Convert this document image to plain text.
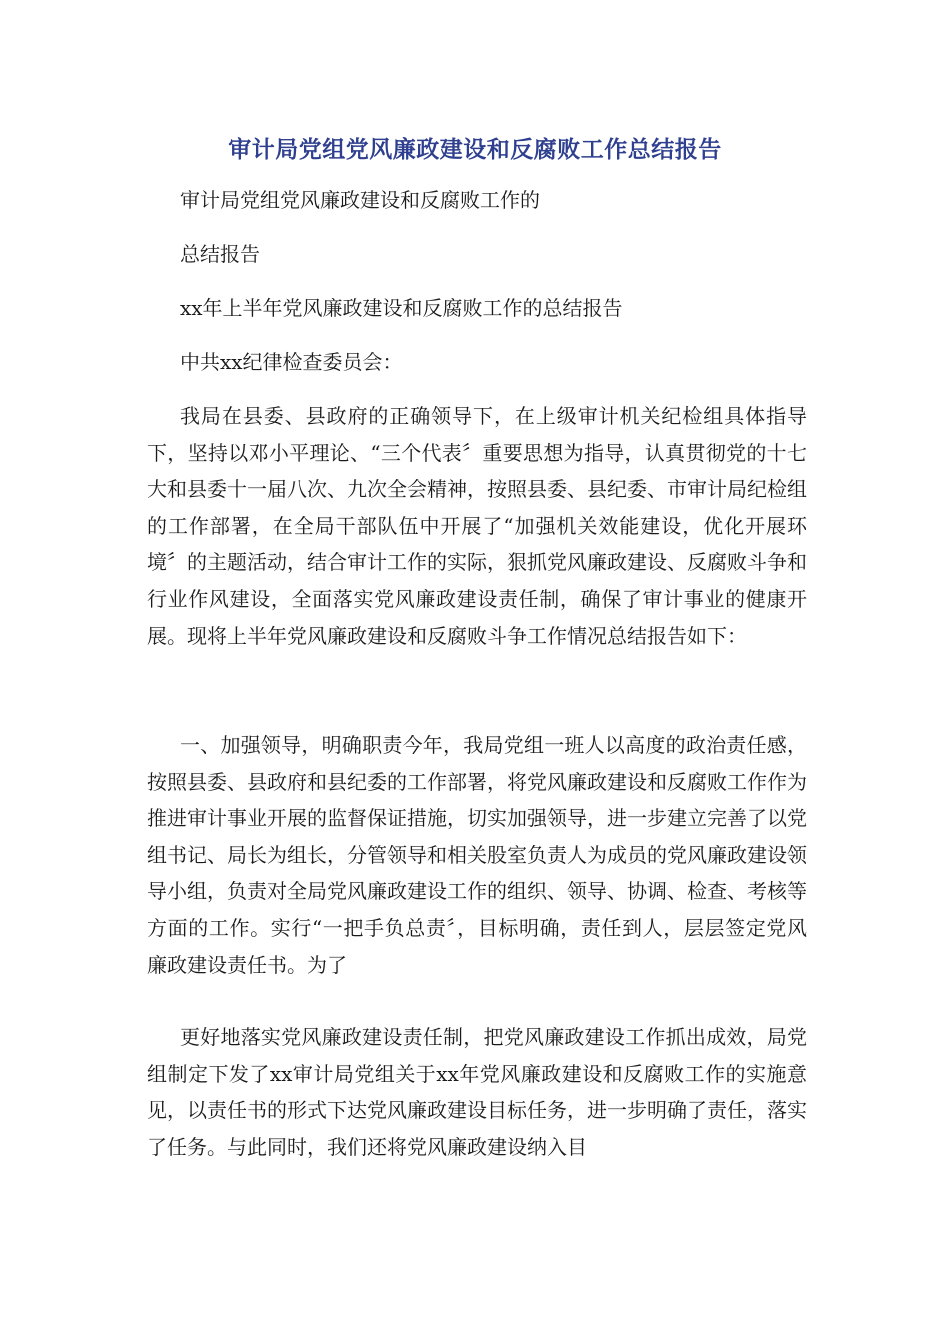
审计局党组党风廉政建设和反腐败工作总结报告
审计局党组党风廉政建设和反腐败工作的
总结报告
xx年上半年党风廉政建设和反腐败工作的总结报告
中共xx纪律检查委员会：

我局在县委、县政府的正确领导下，在上级审计机关纪检组具体指导下，坚持以邓小平理论、“三个代表〞重要思想为指导，认真贯彻党的十七大和县委十一届八次、九次全会精神，按照县委、县纪委、市审计局纪检组的工作部署，在全局干部队伍中开展了“加强机关效能建设，优化开展环境〞的主题活动，结合审计工作的实际，狠抓党风廉政建设、反腐败斗争和行业作风建设，全面落实党风廉政建设责任制，确保了审计事业的健康开展。现将上半年党风廉政建设和反腐败斗争工作情况总结报告如下：

一、加强领导，明确职责今年，我局党组一班人以高度的政治责任感，按照县委、县政府和县纪委的工作部署，将党风廉政建设和反腐败工作作为推进审计事业开展的监督保证措施，切实加强领导，进一步建立完善了以党组书记、局长为组长，分管领导和相关股室负责人为成员的党风廉政建设领导小组，负责对全局党风廉政建设工作的组织、领导、协调、检查、考核等方面的工作。实行“一把手负总责〞，目标明确，责任到人，层层签定党风廉政建设责任书。为了

更好地落实党风廉政建设责任制，把党风廉政建设工作抓出成效，局党组制定下发了xx审计局党组关于xx年党风廉政建设和反腐败工作的实施意见，以责任书的形式下达党风廉政建设目标任务，进一步明确了责任，落实了任务。与此同时，我们还将党风廉政建设纳入目
